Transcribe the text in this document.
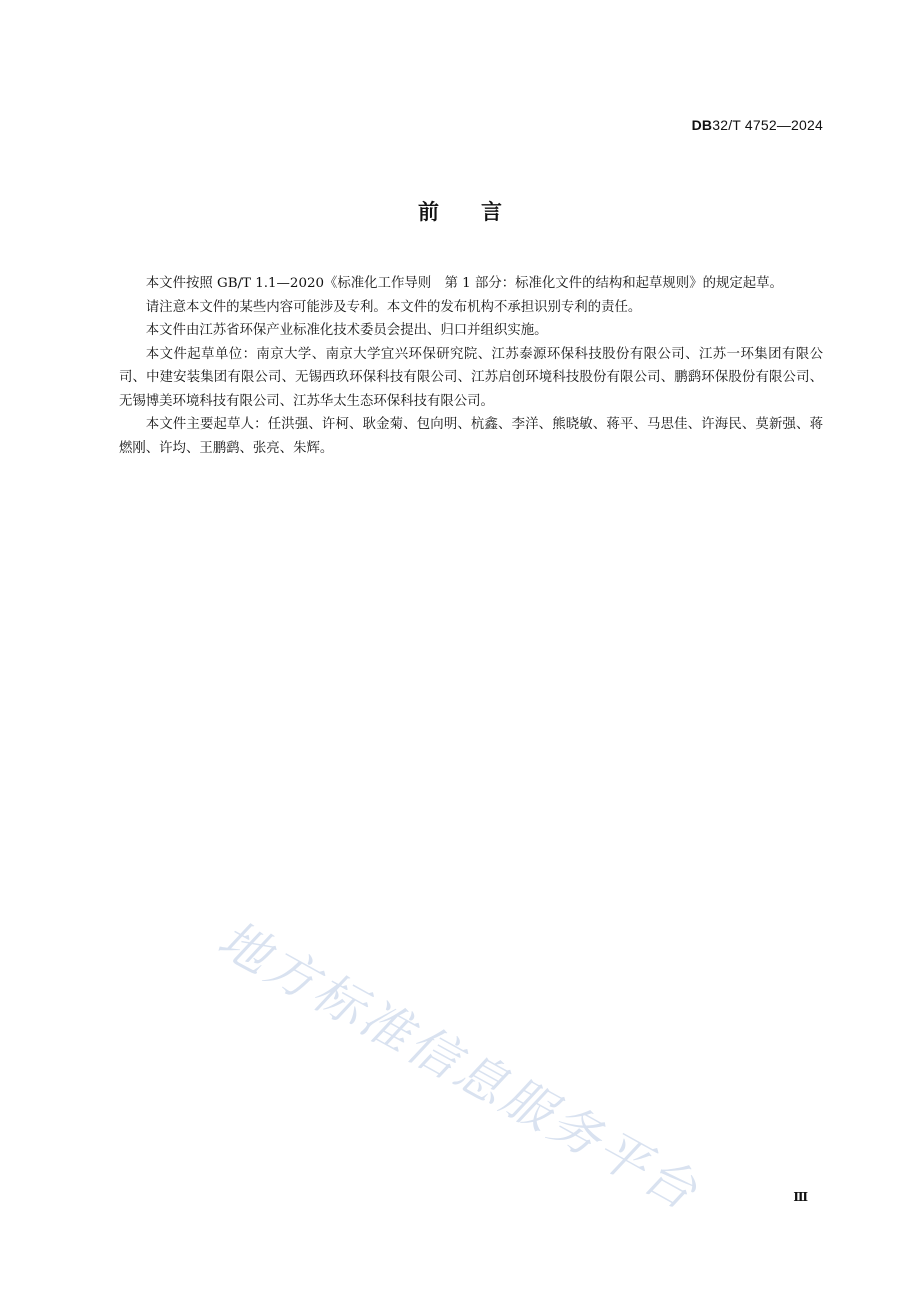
DB32/T 4752—2024
前言

本文件按照 GB/T 1.1—2020《标准化工作导则　第 1 部分：标准化文件的结构和起草规则》的规定起草。

请注意本文件的某些内容可能涉及专利。本文件的发布机构不承担识别专利的责任。

本文件由江苏省环保产业标准化技术委员会提出、归口并组织实施。

本文件起草单位：南京大学、南京大学宜兴环保研究院、江苏泰源环保科技股份有限公司、江苏一环集团有限公司、中建安装集团有限公司、无锡西玖环保科技有限公司、江苏启创环境科技股份有限公司、鹏鹞环保股份有限公司、无锡博美环境科技有限公司、江苏华太生态环保科技有限公司。

本文件主要起草人：任洪强、许柯、耿金菊、包向明、杭鑫、李洋、熊晓敏、蒋平、马思佳、许海民、莫新强、蒋燃刚、许均、王鹏鹞、张亮、朱辉。

地方标准信息服务平台	Ⅲ
